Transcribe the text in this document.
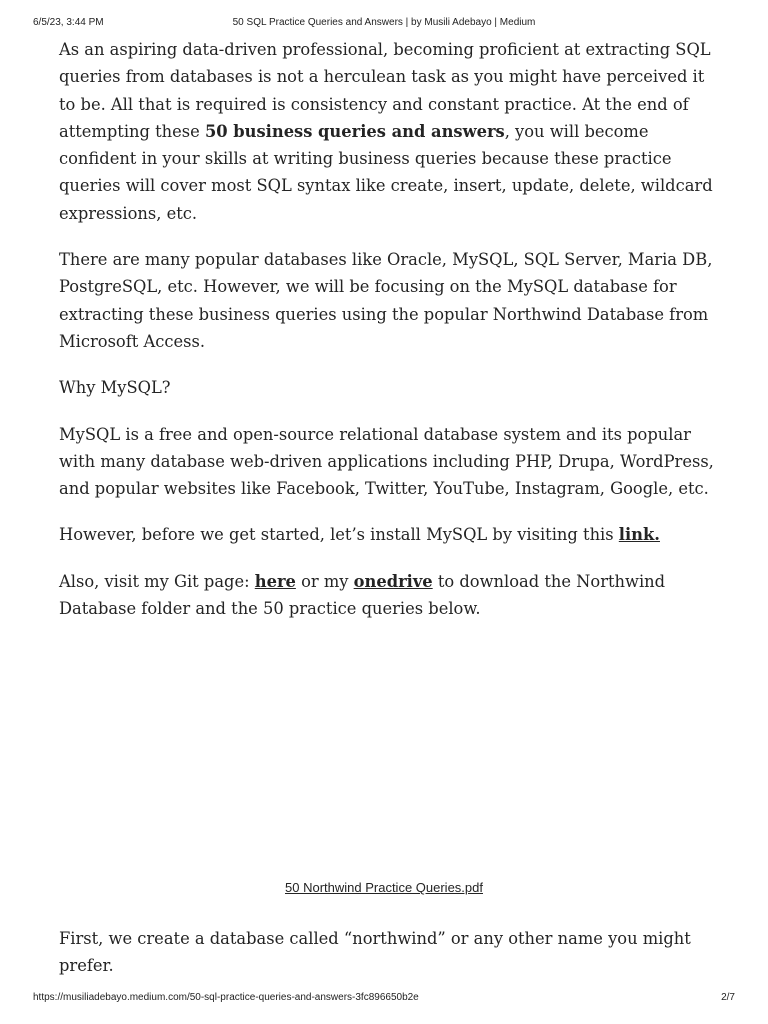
6/5/23, 3:44 PM	50 SQL Practice Queries and Answers | by Musili Adebayo | Medium

As an aspiring data-driven professional, becoming proficient at extracting SQL queries from databases is not a herculean task as you might have perceived it to be. All that is required is consistency and constant practice. At the end of attempting these 50 business queries and answers, you will become confident in your skills at writing business queries because these practice queries will cover most SQL syntax like create, insert, update, delete, wildcard expressions, etc.

There are many popular databases like Oracle, MySQL, SQL Server, Maria DB, PostgreSQL, etc. However, we will be focusing on the MySQL database for extracting these business queries using the popular Northwind Database from Microsoft Access.

Why MySQL?

MySQL is a free and open-source relational database system and its popular with many database web-driven applications including PHP, Drupa, WordPress, and popular websites like Facebook, Twitter, YouTube, Instagram, Google, etc.

However, before we get started, let’s install MySQL by visiting this link.

Also, visit my Git page: here or my onedrive to download the Northwind Database folder and the 50 practice queries below.

50 Northwind Practice Queries.pdf

First, we create a database called “northwind” or any other name you might prefer.

https://musiliadebayo.medium.com/50-sql-practice-queries-and-answers-3fc896650b2e	2/7
